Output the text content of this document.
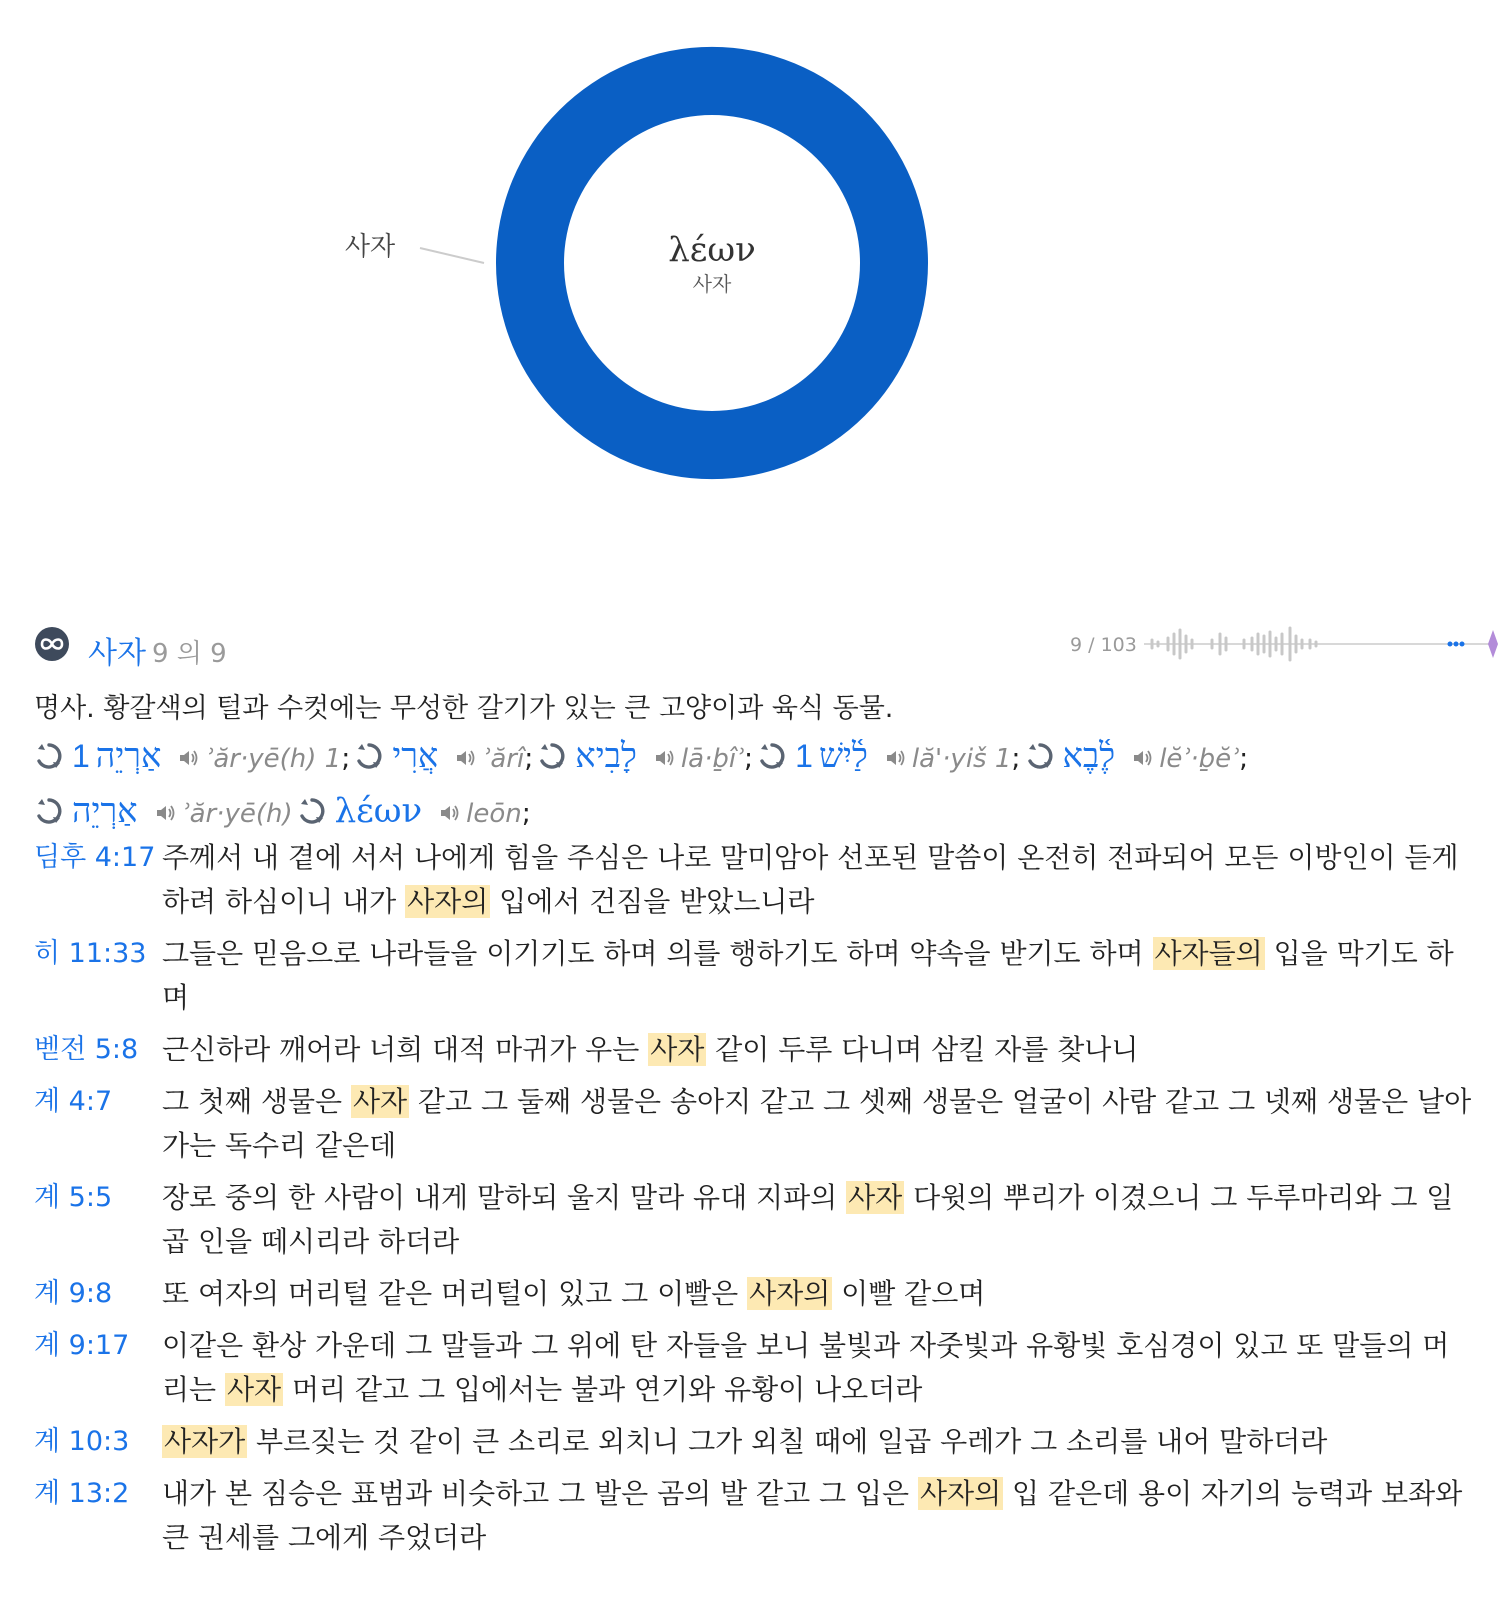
사자	λέων
사자
사자 9 의 9	9 / 103
명사. 황갈색의 털과 수컷에는 무성한 갈기가 있는 큰 고양이과 육식 동물.
1 אַרְיֵה ʾăr·yē(h) 1; אֲרִי ʾărî; לָבִיא lā·ḇîʾ; 1 לַ֫יִשׁ lă'·yiš 1; לֶ֫בֶא lĕʾ·ḇĕʾ;אַרְיֵה ʾăr·yē(h) λέων leōn;
딤후 4:17 주께서 내 곁에 서서 나에게 힘을 주심은 나로 말미암아 선포된 말씀이 온전히 전파되어 모든 이방인이 듣게 하려 하심이니 내가 사자의 입에서 건짐을 받았느니라
히 11:33 그들은 믿음으로 나라들을 이기기도 하며 의를 행하기도 하며 약속을 받기도 하며 사자들의 입을 막기도 하며
벧전 5:8 근신하라 깨어라 너희 대적 마귀가 우는 사자 같이 두루 다니며 삼킬 자를 찾나니
계 4:7	그 첫째 생물은 사자 같고 그 둘째 생물은 송아지 같고 그 셋째 생물은 얼굴이 사람 같고 그 넷째 생물은 날아가는 독수리 같은데
계 5:5	장로 중의 한 사람이 내게 말하되 울지 말라 유대 지파의 사자 다윗의 뿌리가 이겼으니 그 두루마리와 그 일곱 인을 떼시리라 하더라
계 9:8	또 여자의 머리털 같은 머리털이 있고 그 이빨은 사자의 이빨 같으며
계 9:17	이같은 환상 가운데 그 말들과 그 위에 탄 자들을 보니 불빛과 자줏빛과 유황빛 호심경이 있고 또 말들의 머리는 사자 머리 같고 그 입에서는 불과 연기와 유황이 나오더라
계 10:3	사자가 부르짖는 것 같이 큰 소리로 외치니 그가 외칠 때에 일곱 우레가 그 소리를 내어 말하더라
계 13:2	내가 본 짐승은 표범과 비슷하고 그 발은 곰의 발 같고 그 입은 사자의 입 같은데 용이 자기의 능력과 보좌와 큰 권세를 그에게 주었더라
